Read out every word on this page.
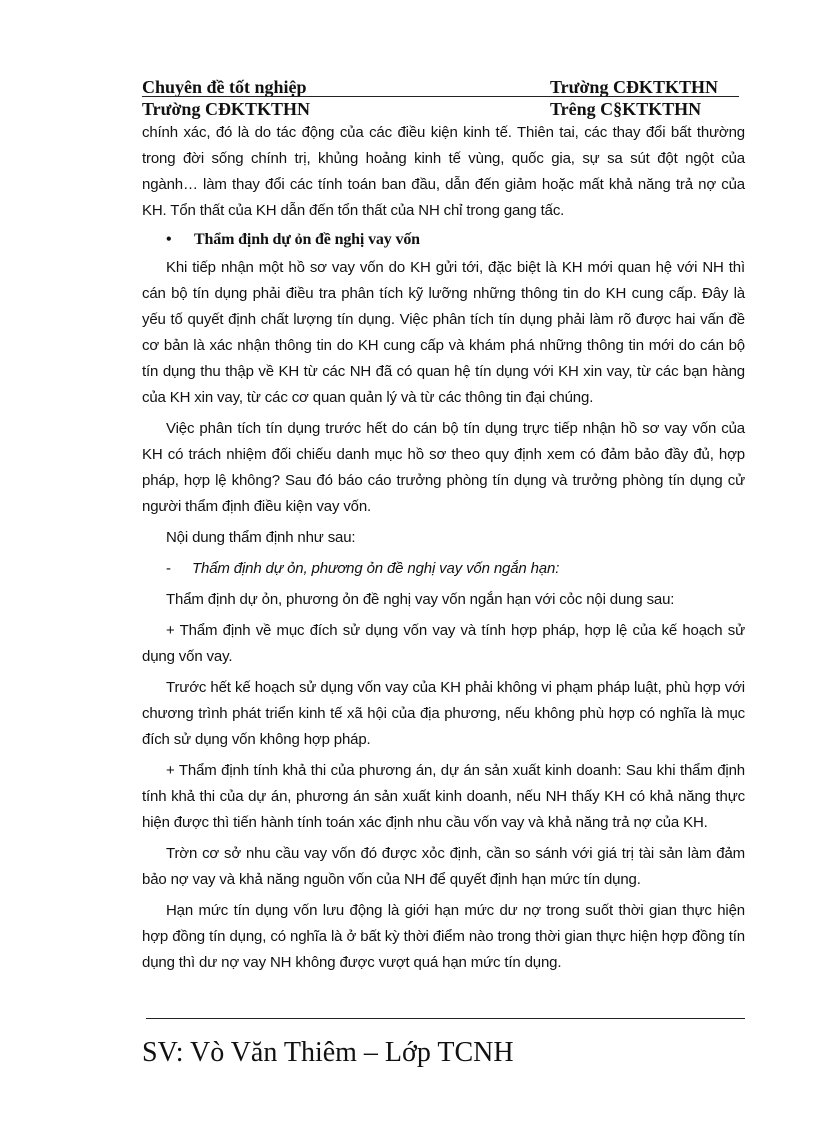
Chuyên đề tốt nghiệp	Trường CĐKTKTHN
Trường CĐKTKTHN	Trêng C§KTKTHN

chính xác, đó là do tác động của các điều kiện kinh tế. Thiên tai, các thay đổi bất thường trong đời sống chính trị, khủng hoảng kinh tế vùng, quốc gia, sự sa sút đột ngột của ngành… làm thay đổi các tính toán ban đầu, dẫn đến giảm hoặc mất khả năng trả nợ của KH. Tổn thất của KH dẫn đến tổn thất của NH chỉ trong gang tấc.

• Thẩm định dự ỏn đề nghị vay vốn

Khi tiếp nhận một hồ sơ vay vốn do KH gửi tới, đặc biệt là KH mới quan hệ với NH thì cán bộ tín dụng phải điều tra phân tích kỹ lưỡng những thông tin do KH cung cấp. Đây là yếu tố quyết định chất lượng tín dụng. Việc phân tích tín dụng phải làm rõ được hai vấn đề cơ bản là xác nhận thông tin do KH cung cấp và khám phá những thông tin mới do cán bộ tín dụng thu thập về KH từ các NH đã có quan hệ tín dụng với KH xin vay, từ các bạn hàng của KH xin vay, từ các cơ quan quản lý và từ các thông tin đại chúng.

Việc phân tích tín dụng trước hết do cán bộ tín dụng trực tiếp nhận hồ sơ vay vốn của KH có trách nhiệm đối chiếu danh mục hồ sơ theo quy định xem có đảm bảo đầy đủ, hợp pháp, hợp lệ không? Sau đó báo cáo trưởng phòng tín dụng và trưởng phòng tín dụng cử người thẩm định điều kiện vay vốn.

Nội dung thẩm định như sau:

- Thẩm định dự ỏn, phương ỏn đề nghị vay vốn ngắn hạn:

Thẩm định dự ỏn, phương ỏn đề nghị vay vốn ngắn hạn với cỏc nội dung sau:

+ Thẩm định về mục đích sử dụng vốn vay và tính hợp pháp, hợp lệ của kế hoạch sử dụng vốn vay.

Trước hết kế hoạch sử dụng vốn vay của KH phải không vi phạm pháp luật, phù hợp với chương trình phát triển kinh tế xã hội của địa phương, nếu không phù hợp có nghĩa là mục đích sử dụng vốn không hợp pháp.

+ Thẩm định tính khả thi của phương án, dự án sản xuất kinh doanh: Sau khi thẩm định tính khả thi của dự án, phương án sản xuất kinh doanh, nếu NH thấy KH có khả năng thực hiện được thì tiến hành tính toán xác định nhu cầu vốn vay và khả năng trả nợ của KH.

Trờn cơ sở nhu cầu vay vốn đó được xỏc định, cần so sánh với giá trị tài sản làm đảm bảo nợ vay và khả năng nguồn vốn của NH để quyết định hạn mức tín dụng.

Hạn mức tín dụng vốn lưu động là giới hạn mức dư nợ trong suốt thời gian thực hiện hợp đồng tín dụng, có nghĩa là ở bất kỳ thời điểm nào trong thời gian thực hiện hợp đồng tín dụng thì dư nợ vay NH không được vượt quá hạn mức tín dụng.

SV: Vò Văn Thiêm – Lớp TCNH
